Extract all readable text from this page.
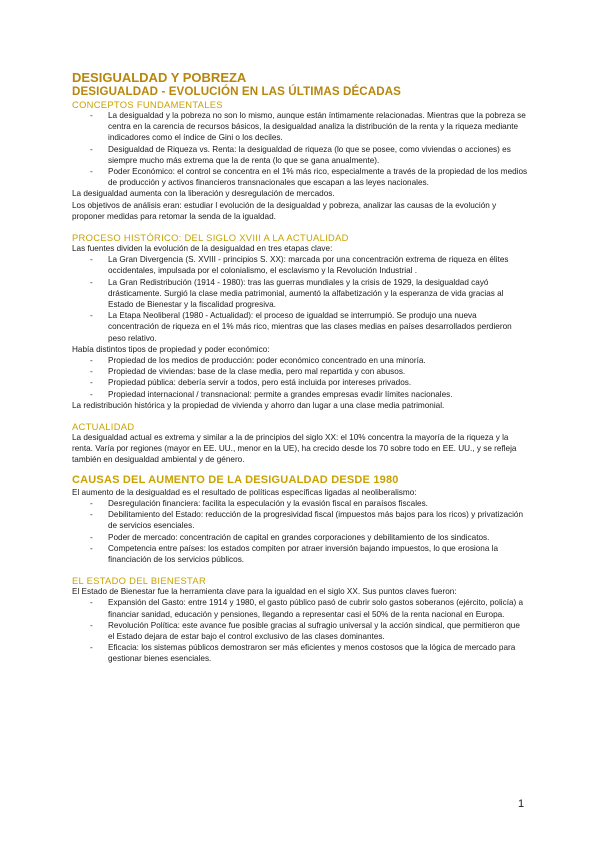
DESIGUALDAD Y POBREZA
DESIGUALDAD - EVOLUCIÓN EN LAS ÚLTIMAS DÉCADAS
CONCEPTOS FUNDAMENTALES
- La desigualdad y la pobreza no son lo mismo, aunque están íntimamente relacionadas. Mientras que la pobreza se centra en la carencia de recursos básicos, la desigualdad analiza la distribución de la renta y la riqueza mediante indicadores como el índice de Gini o los deciles.
- Desigualdad de Riqueza vs. Renta: la desigualdad de riqueza (lo que se posee, como viviendas o acciones) es siempre mucho más extrema que la de renta (lo que se gana anualmente).
- Poder Económico: el control se concentra en el 1% más rico, especialmente a través de la propiedad de los medios de producción y activos financieros transnacionales que escapan a las leyes nacionales.

La desigualdad aumenta con la liberación y desregulación de mercados.

Los objetivos de análisis eran: estudiar l evolución de la desigualdad y pobreza, analizar las causas de la evolución y proponer medidas para retomar la senda de la igualdad.

PROCESO HISTÓRICO: DEL SIGLO XVIII A LA ACTUALIDAD

Las fuentes dividen la evolución de la desigualdad en tres etapas clave:

- La Gran Divergencia (S. XVIII - principios S. XX): marcada por una concentración extrema de riqueza en élites occidentales, impulsada por el colonialismo, el esclavismo y la Revolución Industrial .
- La Gran Redistribución (1914 - 1980): tras las guerras mundiales y la crisis de 1929, la desigualdad cayó drásticamente. Surgió la clase media patrimonial, aumentó la alfabetización y la esperanza de vida gracias al Estado de Bienestar y la fiscalidad progresiva.
- La Etapa Neoliberal (1980 - Actualidad): el proceso de igualdad se interrumpió. Se produjo una nueva concentración de riqueza en el 1% más rico, mientras que las clases medias en países desarrollados perdieron peso relativo.

Había distintos tipos de propiedad y poder económico:

- Propiedad de los medios de producción: poder económico concentrado en una minoría.
- Propiedad de viviendas: base de la clase media, pero mal repartida y con abusos.
- Propiedad pública: debería servir a todos, pero está incluida por intereses privados.
- Propiedad internacional / transnacional: permite a grandes empresas evadir límites nacionales.

La redistribución histórica y la propiedad de vivienda y ahorro dan lugar a una clase media patrimonial.

ACTUALIDAD

La desigualdad actual es extrema y similar a la de principios del siglo XX: el 10% concentra la mayoría de la riqueza y la renta. Varía por regiones (mayor en EE. UU., menor en la UE), ha crecido desde los 70 sobre todo en EE. UU., y se refleja también en desigualdad ambiental y de género.

CAUSAS DEL AUMENTO DE LA DESIGUALDAD DESDE 1980

El aumento de la desigualdad es el resultado de políticas específicas ligadas al neoliberalismo:

- Desregulación financiera: facilita la especulación y la evasión fiscal en paraísos fiscales.
- Debilitamiento del Estado: reducción de la progresividad fiscal (impuestos más bajos para los ricos) y privatización de servicios esenciales.
- Poder de mercado: concentración de capital en grandes corporaciones y debilitamiento de los sindicatos.
- Competencia entre países: los estados compiten por atraer inversión bajando impuestos, lo que erosiona la financiación de los servicios públicos.
EL ESTADO DEL BIENESTAR

El Estado de Bienestar fue la herramienta clave para la igualdad en el siglo XX. Sus puntos claves fueron:

- Expansión del Gasto: entre 1914 y 1980, el gasto público pasó de cubrir solo gastos soberanos (ejército, policía) a financiar sanidad, educación y pensiones, llegando a representar casi el 50% de la renta nacional en Europa.
- Revolución Política: este avance fue posible gracias al sufragio universal y la acción sindical, que permitieron que el Estado dejara de estar bajo el control exclusivo de las clases dominantes.
- Eficacia: los sistemas públicos demostraron ser más eficientes y menos costosos que la lógica de mercado para gestionar bienes esenciales.
1
